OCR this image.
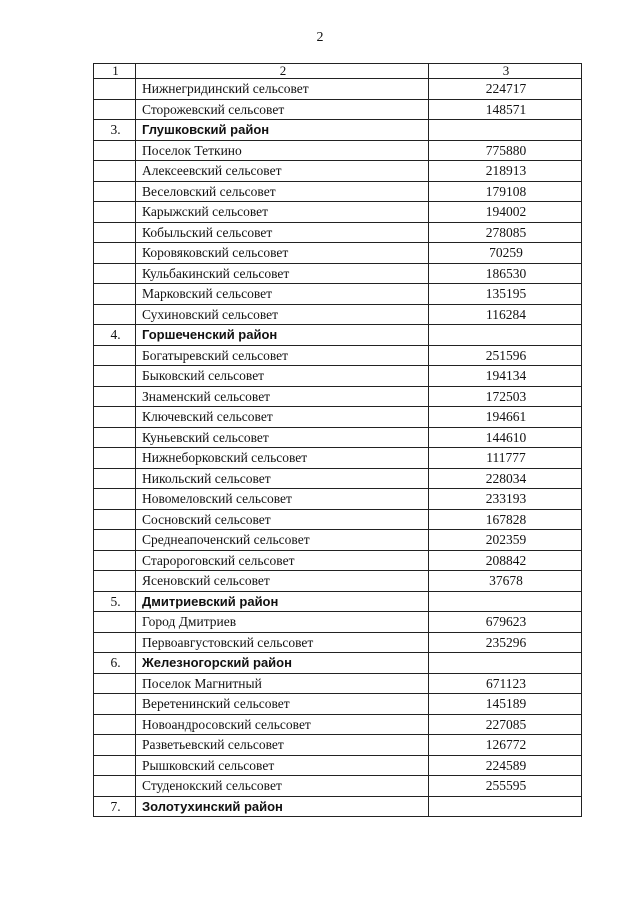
2
1	2	3
	Нижнегридинский сельсовет	224717
	Сторожевский сельсовет	148571
3.	Глушковский район	
	Поселок Теткино	775880
	Алексеевский сельсовет	218913
	Веселовский сельсовет	179108
	Карыжский сельсовет	194002
	Кобыльский сельсовет	278085
	Коровяковский сельсовет	70259
	Кульбакинский сельсовет	186530
	Марковский сельсовет	135195
	Сухиновский сельсовет	116284
4.	Горшеченский район	
	Богатыревский сельсовет	251596
	Быковский сельсовет	194134
	Знаменский сельсовет	172503
	Ключевский сельсовет	194661
	Куньевский сельсовет	144610
	Нижнеборковский сельсовет	111777
	Никольский сельсовет	228034
	Новомеловский сельсовет	233193
	Сосновский сельсовет	167828
	Среднеапоченский сельсовет	202359
	Старороговский сельсовет	208842
	Ясеновский сельсовет	37678
5.	Дмитриевский район	
	Город Дмитриев	679623
	Первоавгустовский сельсовет	235296
6.	Железногорский район	
	Поселок Магнитный	671123
	Веретенинский сельсовет	145189
	Новоандросовский сельсовет	227085
	Разветьевский сельсовет	126772
	Рышковский сельсовет	224589
	Студенокский сельсовет	255595
7.	Золотухинский район	
